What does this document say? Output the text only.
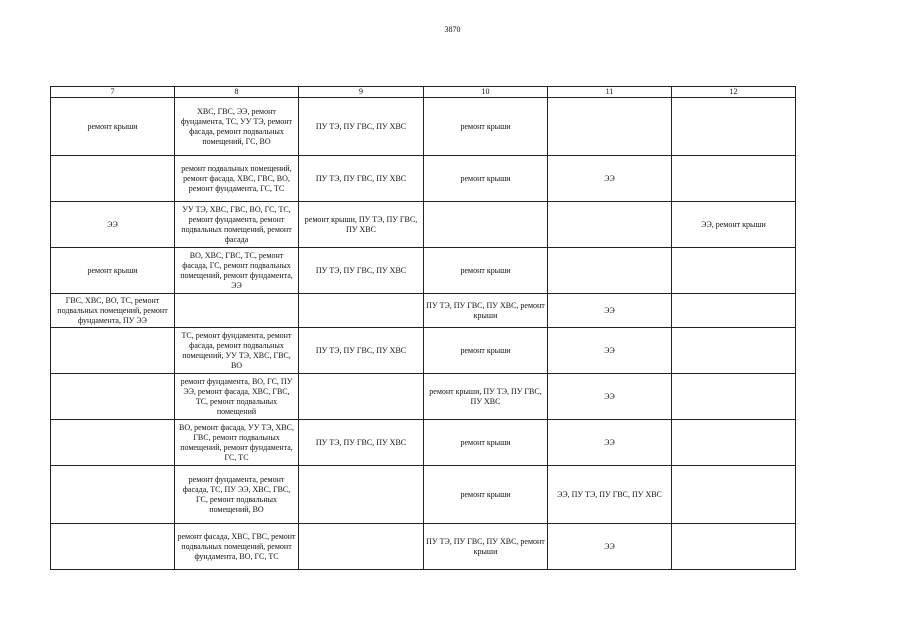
3870
7	8	9	10	11	12
ремонт крыши	ХВС, ГВС, ЭЭ, ремонт фундамента, ТС, УУ ТЭ, ремонт фасада, ремонт подвальных помещений, ГС, ВО	ПУ ТЭ, ПУ ГВС, ПУ ХВС	ремонт крыши		
	ремонт подвальных помещений, ремонт фасада, ХВС, ГВС, ВО, ремонт фундамента, ГС, ТС	ПУ ТЭ, ПУ ГВС, ПУ ХВС	ремонт крыши	ЭЭ	
ЭЭ	УУ ТЭ, ХВС, ГВС, ВО, ГС, ТС, ремонт фундамента, ремонт подвальных помещений, ремонт фасада	ремонт крыши, ПУ ТЭ, ПУ ГВС, ПУ ХВС			ЭЭ, ремонт крыши
ремонт крыши	ВО, ХВС, ГВС, ТС, ремонт фасада, ГС, ремонт подвальных помещений, ремонт фундамента, ЭЭ	ПУ ТЭ, ПУ ГВС, ПУ ХВС	ремонт крыши		
ГВС, ХВС, ВО, ТС, ремонт подвальных помещений, ремонт фундамента, ПУ ЭЭ			ПУ ТЭ, ПУ ГВС, ПУ ХВС, ремонт крыши	ЭЭ	
	ТС, ремонт фундамента, ремонт фасада, ремонт подвальных помещений, УУ ТЭ, ХВС, ГВС, ВО	ПУ ТЭ, ПУ ГВС, ПУ ХВС	ремонт крыши	ЭЭ	
	ремонт фундамента, ВО, ГС, ПУ ЭЭ, ремонт фасада, ХВС, ГВС, ТС, ремонт подвальных помещений		ремонт крыши, ПУ ТЭ, ПУ ГВС, ПУ ХВС	ЭЭ	
	ВО, ремонт фасада, УУ ТЭ, ХВС, ГВС, ремонт подвальных помещений, ремонт фундамента, ГС, ТС	ПУ ТЭ, ПУ ГВС, ПУ ХВС	ремонт крыши	ЭЭ	
	ремонт фундамента, ремонт фасада, ТС, ПУ ЭЭ, ХВС, ГВС, ГС, ремонт подвальных помещений, ВО		ремонт крыши	ЭЭ, ПУ ТЭ, ПУ ГВС, ПУ ХВС	
	ремонт фасада, ХВС, ГВС, ремонт подвальных помещений, ремонт фундамента, ВО, ГС, ТС		ПУ ТЭ, ПУ ГВС, ПУ ХВС, ремонт крыши	ЭЭ	
